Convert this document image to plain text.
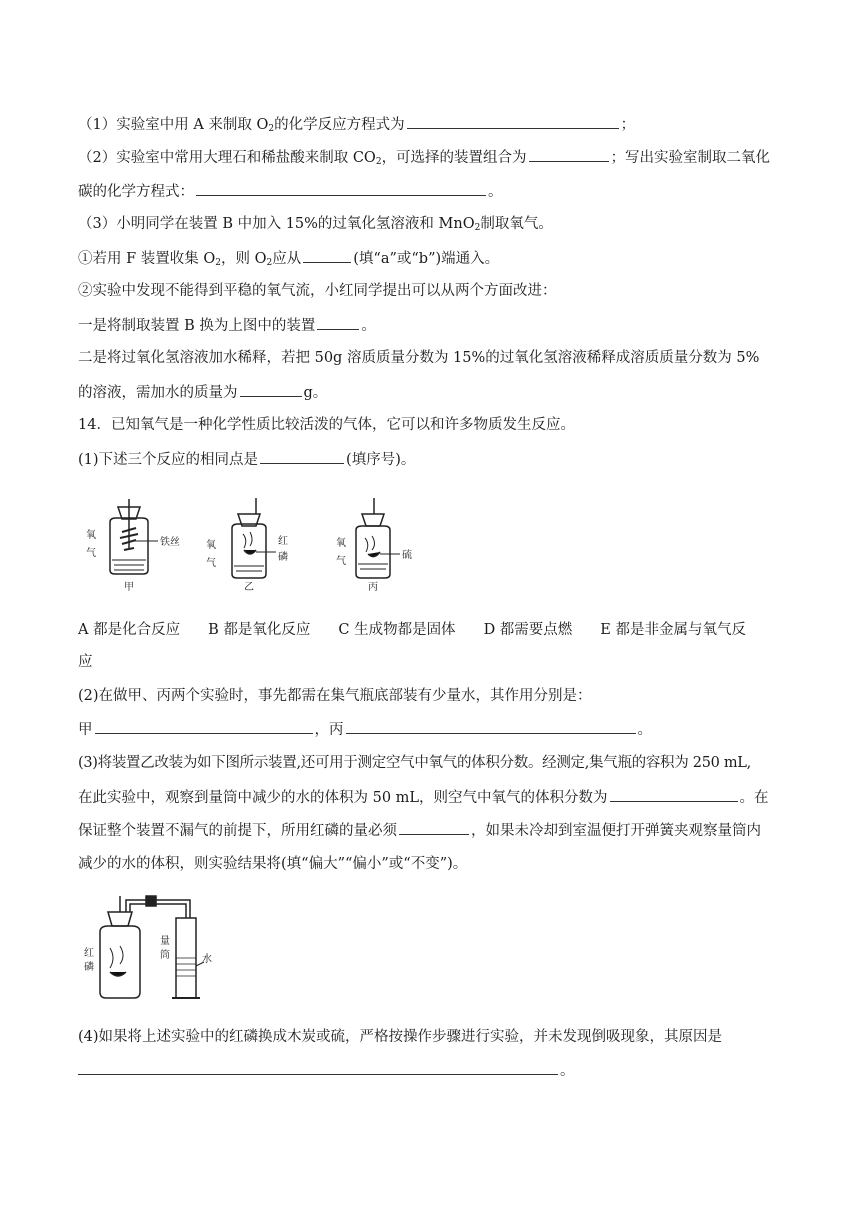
（1）实验室中用 A 来制取 $O_2$的化学反应方程式为	；
（2）实验室中常用大理石和稀盐酸来制取 $CO_2$，可选择的装置组合为	；写出实验室制取二氧化
碳的化学方程式：	。
（3）小明同学在装置 B 中加入 15%的过氧化氢溶液和 MnO$_2$制取氧气。
①若用 F 装置收集 $O_2$，则 $O_2$应从	(填“a”或“b”)端通入。
②实验中发现不能得到平稳的氧气流，小红同学提出可以从两个方面改进：
一是将制取装置 B 换为上图中的装置	。
二是将过氧化氢溶液加水稀释，若把 50g 溶质质量分数为 15%的过氧化氢溶液稀释成溶质质量分数为 5%
的溶液，需加水的质量为	g。
14．已知氧气是一种化学性质比较活泼的气体，它可以和许多物质发生反应。
(1)下述三个反应的相同点是	(填序号)。
氧
气
铁丝
甲
氧
气
红
磷
乙
氧
气
硫
丙
A 都是化合反应 B 都是氧化反应 C 生成物都是固体 D 都需要点燃 E 都是非金属与氧气反
应
(2)在做甲、丙两个实验时，事先都需在集气瓶底部装有少量水，其作用分别是：
甲	，丙	。
(3)将装置乙改装为如下图所示装置,还可用于测定空气中氧气的体积分数。经测定,集气瓶的容积为 250 mL,
在此实验中，观察到量筒中减少的水的体积为 50 mL，则空气中氧气的体积分数为	。在
保证整个装置不漏气的前提下，所用红磷的量必须	，如果未冷却到室温便打开弹簧夹观察量筒内
减少的水的体积，则实验结果将(填“偏大”“偏小”或“不变”)。
红
磷
量
筒	水
(4)如果将上述实验中的红磷换成木炭或硫，严格按操作步骤进行实验，并未发现倒吸现象，其原因是
。
